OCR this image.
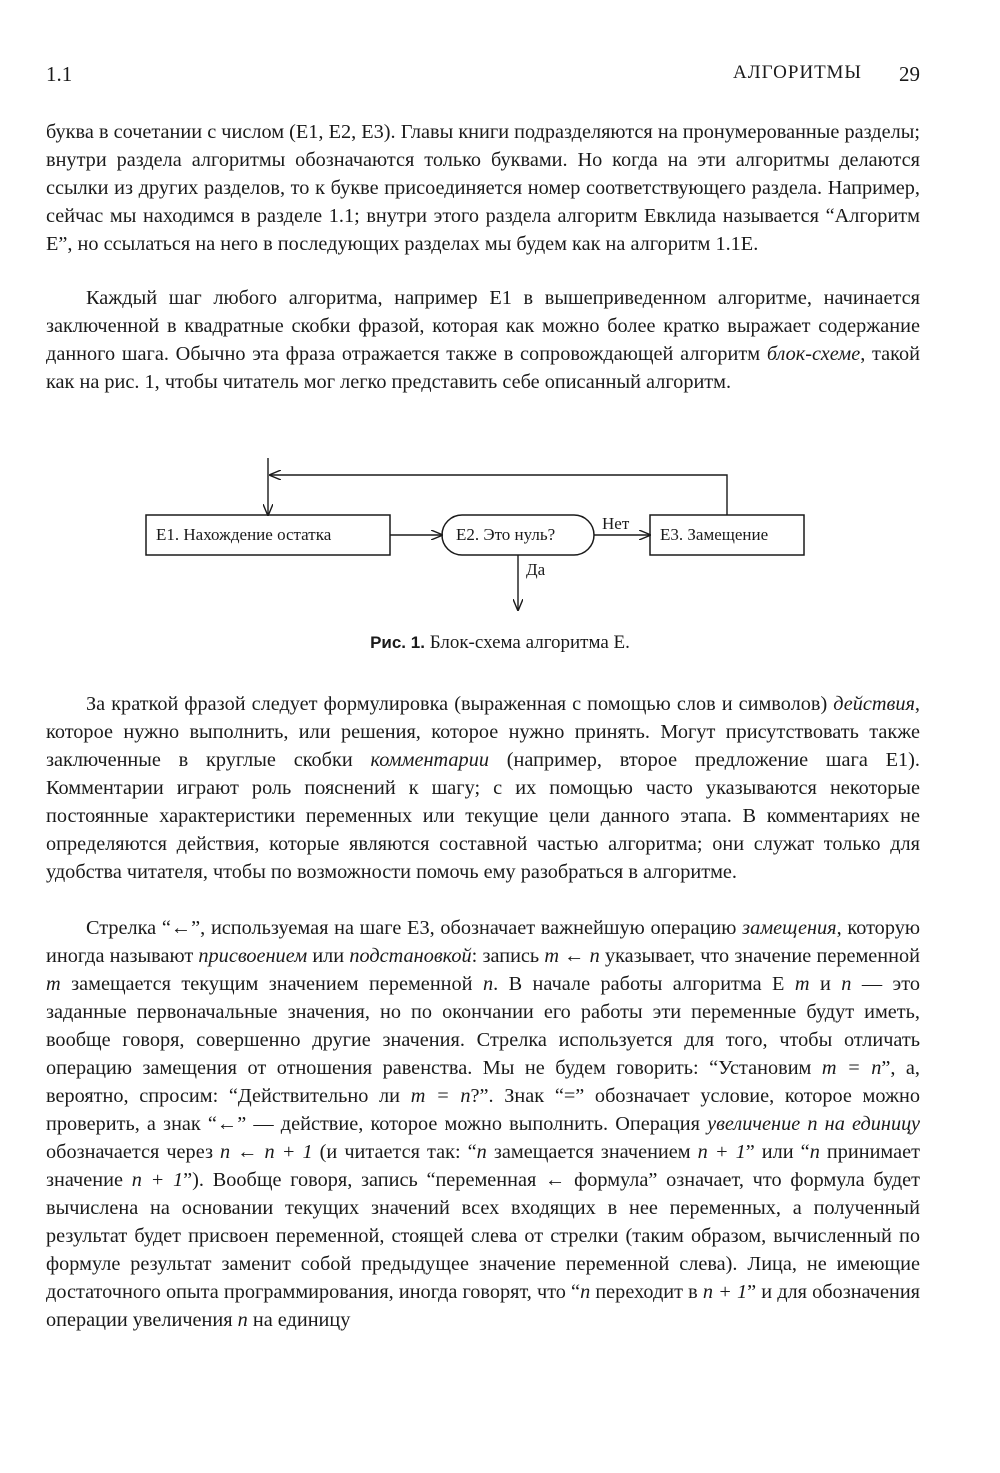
1.1	АЛГОРИТМЫ 29

буква в сочетании с числом (E1, E2, E3). Главы книги подразделяются на пронумерованные разделы; внутри раздела алгоритмы обозначаются только буквами. Но когда на эти алгоритмы делаются ссылки из других разделов, то к букве присоединяется номер соответствующего раздела. Например, сейчас мы находимся в разделе 1.1; внутри этого раздела алгоритм Евклида называется “Алгоритм E”, но ссылаться на него в последующих разделах мы будем как на алгоритм 1.1E.

Каждый шаг любого алгоритма, например E1 в вышеприведенном алгоритме, начинается заключенной в квадратные скобки фразой, которая как можно более кратко выражает содержание данного шага. Обычно эта фраза отражается также в сопровождающей алгоритм блок-схеме, такой как на рис. 1, чтобы читатель мог легко представить себе описанный алгоритм.

E1. Нахождение остатка	E2. Это нуль?	E3. Замещение
Нет
Да
Рис. 1. Блок-схема алгоритма E.

За краткой фразой следует формулировка (выраженная с помощью слов и символов) действия, которое нужно выполнить, или решения, которое нужно принять. Могут присутствовать также заключенные в круглые скобки комментарии (например, второе предложение шага E1). Комментарии играют роль пояснений к шагу; с их помощью часто указываются некоторые постоянные характеристики переменных или текущие цели данного этапа. В комментариях не определяются действия, которые являются составной частью алгоритма; они служат только для удобства читателя, чтобы по возможности помочь ему разобраться в алгоритме.

Стрелка “←”, используемая на шаге E3, обозначает важнейшую операцию замещения, которую иногда называют присвоением или подстановкой: запись m ← n указывает, что значение переменной m замещается текущим значением переменной n. В начале работы алгоритма E m и n — это заданные первоначальные значения, но по окончании его работы эти переменные будут иметь, вообще говоря, совершенно другие значения. Стрелка используется для того, чтобы отличать операцию замещения от отношения равенства. Мы не будем говорить: “Установим m = n”, а, вероятно, спросим: “Действительно ли m = n?”. Знак “=” обозначает условие, которое можно проверить, а знак “←” — действие, которое можно выполнить. Операция увеличение n на единицу обозначается через n ← n + 1 (и читается так: “n замещается значением n + 1” или “n принимает значение n + 1”). Вообще говоря, запись “переменная ← формула” означает, что формула будет вычислена на основании текущих значений всех входящих в нее переменных, а полученный результат будет присвоен переменной, стоящей слева от стрелки (таким образом, вычисленный по формуле результат заменит собой предыдущее значение переменной слева). Лица, не имеющие достаточного опыта программирования, иногда говорят, что “n переходит в n + 1” и для обозначения операции увеличения n на единицу
